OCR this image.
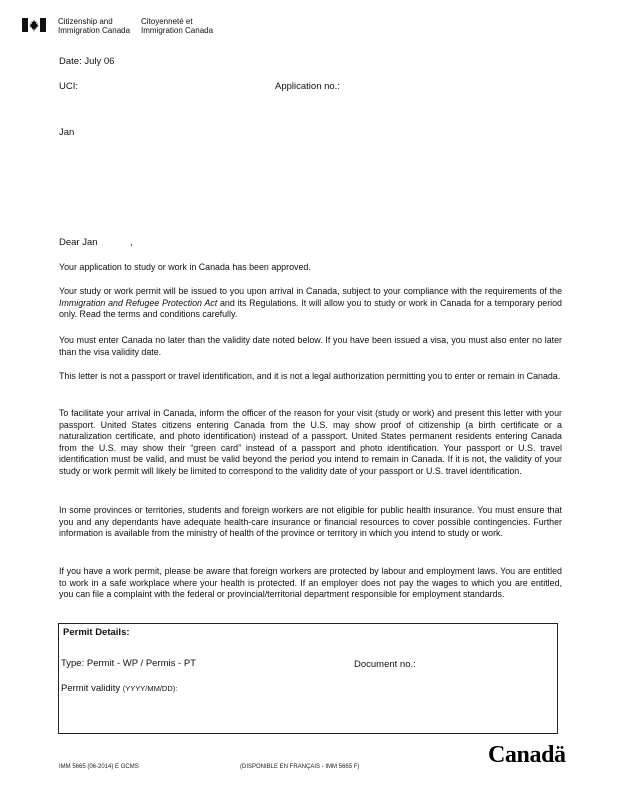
Citizenship and
Immigration Canada
Citoyenneté et
Immigration Canada
Date: July 06
UCI:	Application no.:
Jan
Dear Jan	,

Your application to study or work in Canada has been approved.

Your study or work permit will be issued to you upon arrival in Canada, subject to your compliance with the requirements of the Immigration and Refugee Protection Act and its Regulations. It will allow you to study or work in Canada for a temporary period only. Read the terms and conditions carefully.

You must enter Canada no later than the validity date noted below. If you have been issued a visa, you must also enter no later than the visa validity date.

This letter is not a passport or travel identification, and it is not a legal authorization permitting you to enter or remain in Canada.

To facilitate your arrival in Canada, inform the officer of the reason for your visit (study or work) and present this letter with your passport. United States citizens entering Canada from the U.S. may show proof of citizenship (a birth certificate or a naturalization certificate, and photo identification) instead of a passport. United States permanent residents entering Canada from the U.S. may show their “green card” instead of a passport and photo identification. Your passport or U.S. travel identification must be valid, and must be valid beyond the period you intend to remain in Canada. If it is not, the validity of your study or work permit will likely be limited to correspond to the validity date of your passport or U.S. travel identification.

In some provinces or territories, students and foreign workers are not eligible for public health insurance. You must ensure that you and any dependants have adequate health-care insurance or financial resources to cover possible contingencies. Further information is available from the ministry of health of the province or territory in which you intend to study or work.

If you have a work permit, please be aware that foreign workers are protected by labour and employment laws. You are entitled to work in a safe workplace where your health is protected. If an employer does not pay the wages to which you are entitled, you can file a complaint with the federal or provincial/territorial department responsible for employment standards.

Permit Details:
Type: Permit - WP / Permis - PT	Document no.:
Permit validity (YYYY/MM/DD):
IMM 5665 (06-2014) E GCMS	(DISPONIBLE EN FRANÇAIS - IMM 5665 F)	Canadä
